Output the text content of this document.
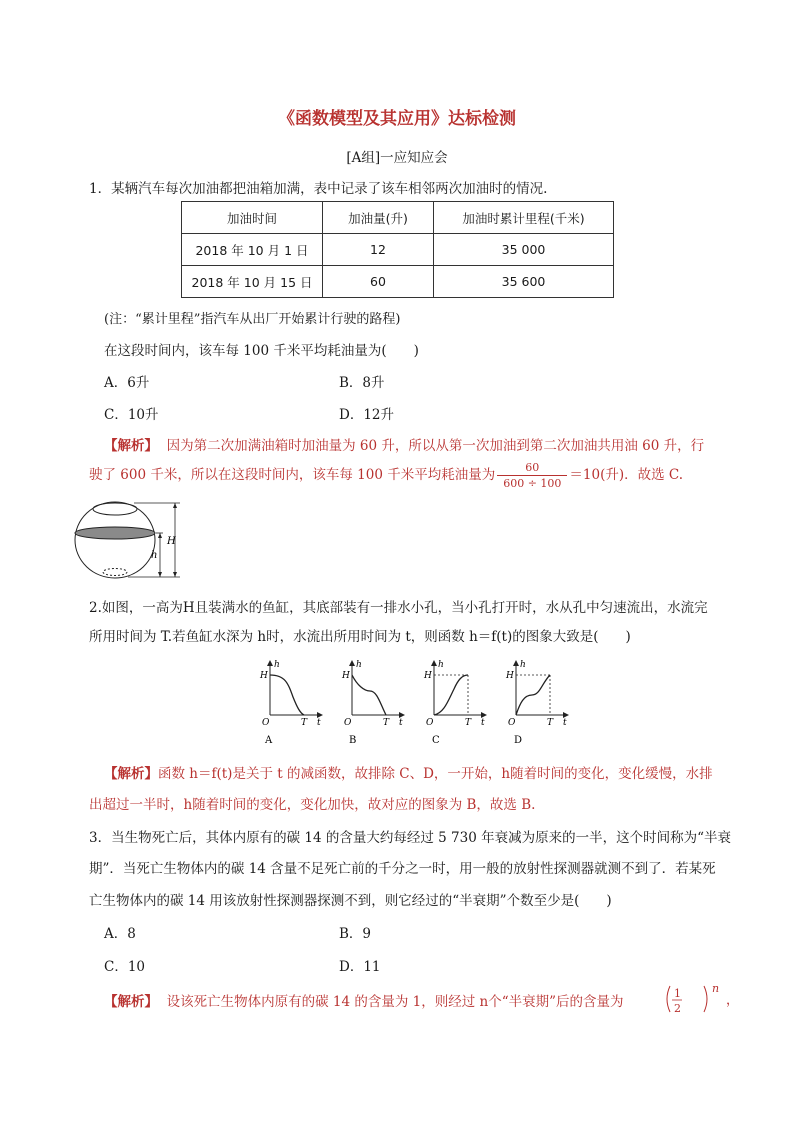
《函数模型及其应用》达标检测
[A组]一应知应会
1．某辆汽车每次加油都把油箱加满，表中记录了该车相邻两次加油时的情况.
加油时间	加油量(升)	加油时累计里程(千米)
2018 年 10 月 1 日	12	35 000
2018 年 10 月 15 日	60	35 600
(注：“累计里程”指汽车从出厂开始累计行驶的路程)
在这段时间内，该车每 100 千米平均耗油量为(　　)
A．6升	B．8升
C．10升	D．12升
【解析】 因为第二次加满油箱时加油量为 60 升，所以从第一次加油到第二次加油共用油 60 升，行
驶了 600 千米，所以在这段时间内，该车每 100 千米平均耗油量为 $\frac{60}{600 \div 100} =10$(升)．故选 C.
H
h
2.如图，一高为H且装满水的鱼缸，其底部装有一排水小孔，当小孔打开时，水从孔中匀速流出，水流完
所用时间为 T.若鱼缸水深为 h时，水流出所用时间为 t，则函数 h＝f(t)的图象大致是(　　)
h
H
O	T t
A
h
H
O	T t
B
h
H
O	T t
C
h
H
O	T t
D
【解析】函数 h＝f(t)是关于 t 的减函数，故排除 C、D，一开始，h随着时间的变化，变化缓慢，水排
出超过一半时，h随着时间的变化，变化加快，故对应的图象为 B，故选 B.
3．当生物死亡后，其体内原有的碳 14 的含量大约每经过 5 730 年衰减为原来的一半，这个时间称为“半衰
期”．当死亡生物体内的碳 14 含量不足死亡前的千分之一时，用一般的放射性探测器就测不到了．若某死
亡生物体内的碳 14 用该放射性探测器探测不到，则它经过的“半衰期”个数至少是(　　)
A．8	B．9
C．10	D．11
【解析】 设该死亡生物体内原有的碳 14 的含量为 1，则经过 n个“半衰期”后的含量为
1
2
n
，
